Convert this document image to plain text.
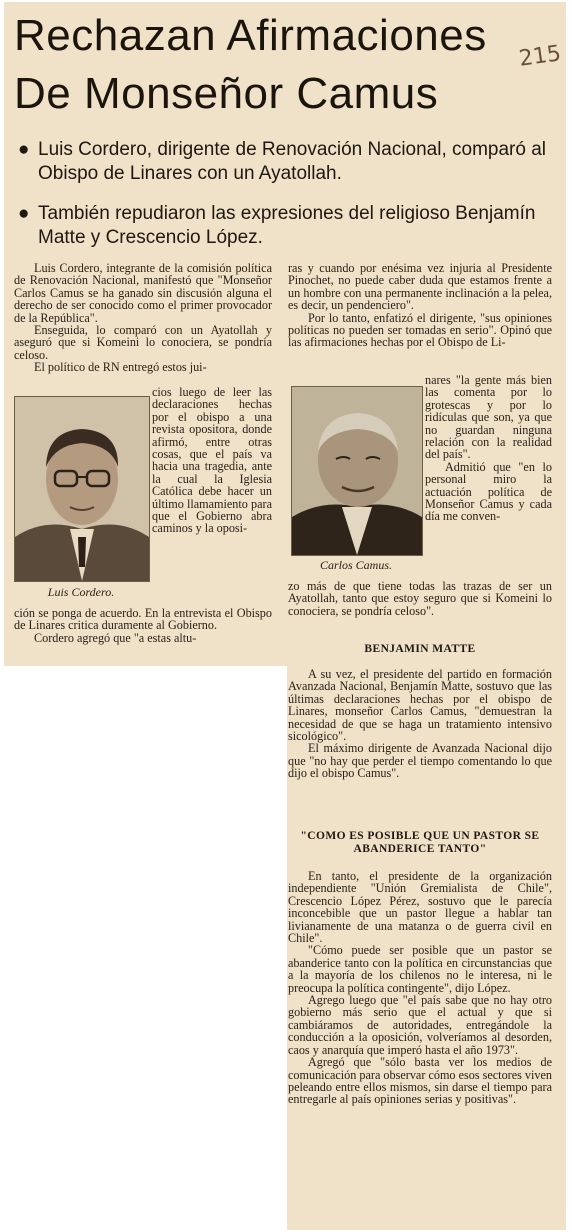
Rechazan Afirmaciones
De Monseñor Camus
215
● Luis Cordero, dirigente de Renovación Nacional, comparó al Obispo de Linares con un Ayatollah.
● También repudiaron las expresiones del religioso Benjamín Matte y Crescencio López.

Luis Cordero, integrante de la comisión política de Renovación Nacional, manifestó que "Monseñor Carlos Camus se ha ganado sin discusión alguna el derecho de ser conocido como el primer provocador de la República".

Enseguida, lo comparó con un Ayatollah y aseguró que si Komeini lo conociera, se pondría celoso.

El político de RN entregó estos jui-

cios luego de leer las declaraciones hechas por el obispo a una revista opositora, donde afirmó, entre otras cosas, que el país va hacia una tragedia, ante la cual la Iglesia Católica debe hacer un último llamamiento para que el Gobierno abra caminos y la oposi-

Luis Cordero.

ción se ponga de acuerdo. En la entrevista el Obispo de Linares critica duramente al Gobierno.

Cordero agregó que "a estas altu-

ras y cuando por enésima vez injuria al Presidente Pinochet, no puede caber duda que estamos frente a un hombre con una permanente inclinación a la pelea, es decir, un pendenciero".

Por lo tanto, enfatizó el dirigente, "sus opiniones políticas no pueden ser tomadas en serio". Opinó que las afirmaciones hechas por el Obispo de Li-

Carlos Camus.

nares "la gente más bien las comenta por lo grotescas y por lo ridículas que son, ya que no guardan ninguna relación con la realidad del país".

Admitió que "en lo personal miro la actuación política de Monseñor Camus y cada día me conven-

zo más de que tiene todas las trazas de ser un Ayatollah, tanto que estoy seguro que si Komeini lo conociera, se pondría celoso".

BENJAMIN MATTE

A su vez, el presidente del partido en formación Avanzada Nacional, Benjamín Matte, sostuvo que las últimas declaraciones hechas por el obispo de Linares, monseñor Carlos Camus, "demuestran la necesidad de que se haga un tratamiento intensivo sicológico".

El máximo dirigente de Avanzada Nacional dijo que "no hay que perder el tiempo comentando lo que dijo el obispo Camus".

"COMO ES POSIBLE QUE UN PASTOR SE ABANDERICE TANTO"

En tanto, el presidente de la organización independiente "Unión Gremialista de Chile", Crescencio López Pérez, sostuvo que le parecía inconcebible que un pastor llegue a hablar tan livianamente de una matanza o de guerra civil en Chile".

"Cómo puede ser posible que un pastor se abanderice tanto con la política en circunstancias que a la mayoría de los chilenos no le interesa, ni le preocupa la política contingente", dijo López.

Agrego luego que "el país sabe que no hay otro gobierno más serio que el actual y que si cambiáramos de autoridades, entregándole la conducción a la oposición, volveríamos al desorden, caos y anarquía que imperó hasta el año 1973".

Agregó que "sólo basta ver los medios de comunicación para observar cómo esos sectores viven peleando entre ellos mismos, sin darse el tiempo para entregarle al país opiniones serias y positivas".
